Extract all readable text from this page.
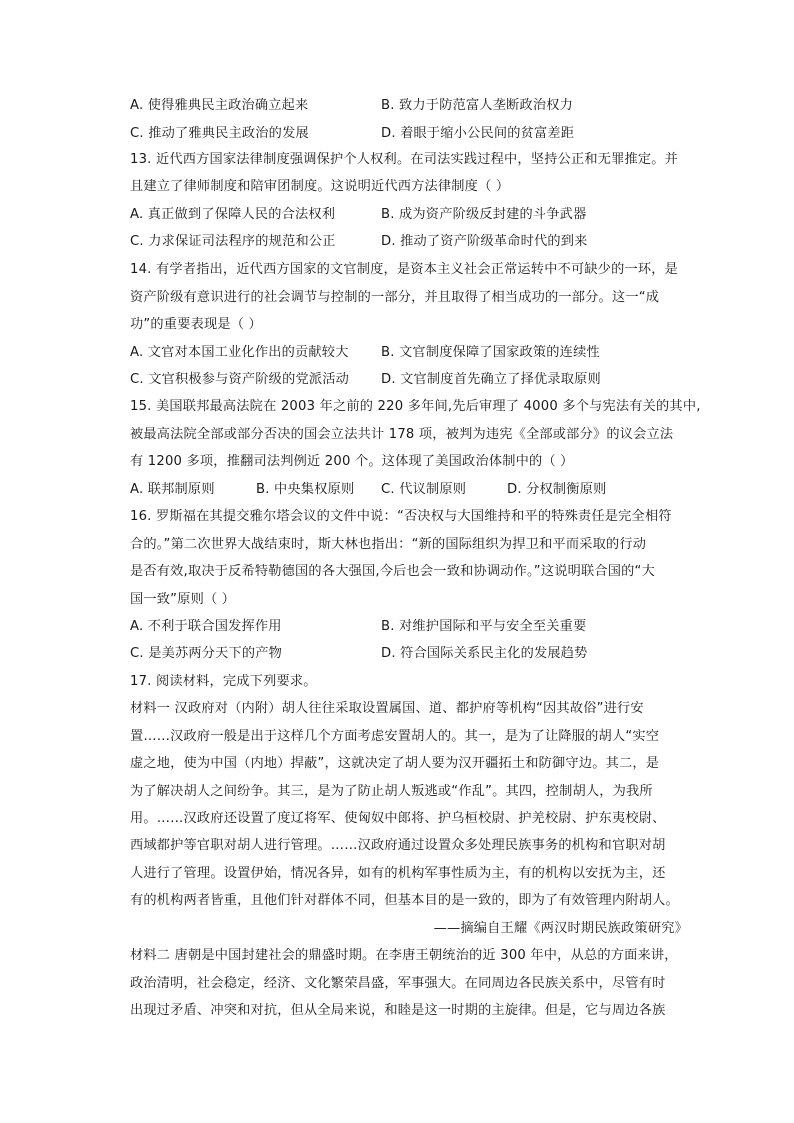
A. 使得雅典民主政治确立起来	B. 致力于防范富人垄断政治权力
C. 推动了雅典民主政治的发展	D. 着眼于缩小公民间的贫富差距
13. 近代西方国家法律制度强调保护个人权利。在司法实践过程中，坚持公正和无罪推定。并
且建立了律师制度和陪审团制度。这说明近代西方法律制度（ ）
A. 真正做到了保障人民的合法权利	B. 成为资产阶级反封建的斗争武器
C. 力求保证司法程序的规范和公正	D. 推动了资产阶级革命时代的到来
14. 有学者指出，近代西方国家的文官制度，是资本主义社会正常运转中不可缺少的一环，是
资产阶级有意识进行的社会调节与控制的一部分，并且取得了相当成功的一部分。这一“成
功”的重要表现是（ ）
A. 文官对本国工业化作出的贡献较大 B. 文官制度保障了国家政策的连续性
C. 文官积极参与资产阶级的党派活动 D. 文官制度首先确立了择优录取原则
15. 美国联邦最高法院在 2003 年之前的 220 多年间,先后审理了 4000 多个与宪法有关的其中,
被最高法院全部或部分否决的国会立法共计 178 项，被判为违宪《全部或部分》的议会立法
有 1200 多项，推翻司法判例近 200 个。这体现了美国政治体制中的（ ）
A. 联邦制原则	B. 中央集权原则 C. 代议制原则	D. 分权制衡原则
16. 罗斯福在其提交雅尔塔会议的文件中说：“否决权与大国维持和平的特殊责任是完全相符
合的。”第二次世界大战结束时，斯大林也指出：“新的国际组织为捍卫和平而采取的行动
是否有效,取决于反希特勒德国的各大强国,今后也会一致和协调动作。”这说明联合国的“大
国一致”原则（ ）
A. 不利于联合国发挥作用	B. 对维护国际和平与安全至关重要
C. 是美苏两分天下的产物	D. 符合国际关系民主化的发展趋势
17. 阅读材料，完成下列要求。
材料一 汉政府对（内附）胡人往往采取设置属国、道、都护府等机构“因其故俗”进行安
置……汉政府一般是出于这样几个方面考虑安置胡人的。其一，是为了让降服的胡人“实空
虚之地，使为中国（内地）捍蔽”，这就决定了胡人要为汉开疆拓土和防御守边。其二，是
为了解决胡人之间纷争。其三，是为了防止胡人叛逃或“作乱”。其四，控制胡人，为我所
用。……汉政府还设置了度辽将军、使匈奴中郎将、护乌桓校尉、护羌校尉、护东夷校尉、
西域都护等官职对胡人进行管理。……汉政府通过设置众多处理民族事务的机构和官职对胡
人进行了管理。设置伊始，情况各异，如有的机构军事性质为主，有的机构以安抚为主，还
有的机构两者皆重，且他们针对群体不同，但基本目的是一致的，即为了有效管理内附胡人。
——摘编自王耀《两汉时期民族政策研究》
材料二 唐朝是中国封建社会的鼎盛时期。在李唐王朝统治的近 300 年中，从总的方面来讲，
政治清明，社会稳定，经济、文化繁荣昌盛，军事强大。在同周边各民族关系中，尽管有时
出现过矛盾、冲突和对抗，但从全局来说，和睦是这一时期的主旋律。但是，它与周边各族
